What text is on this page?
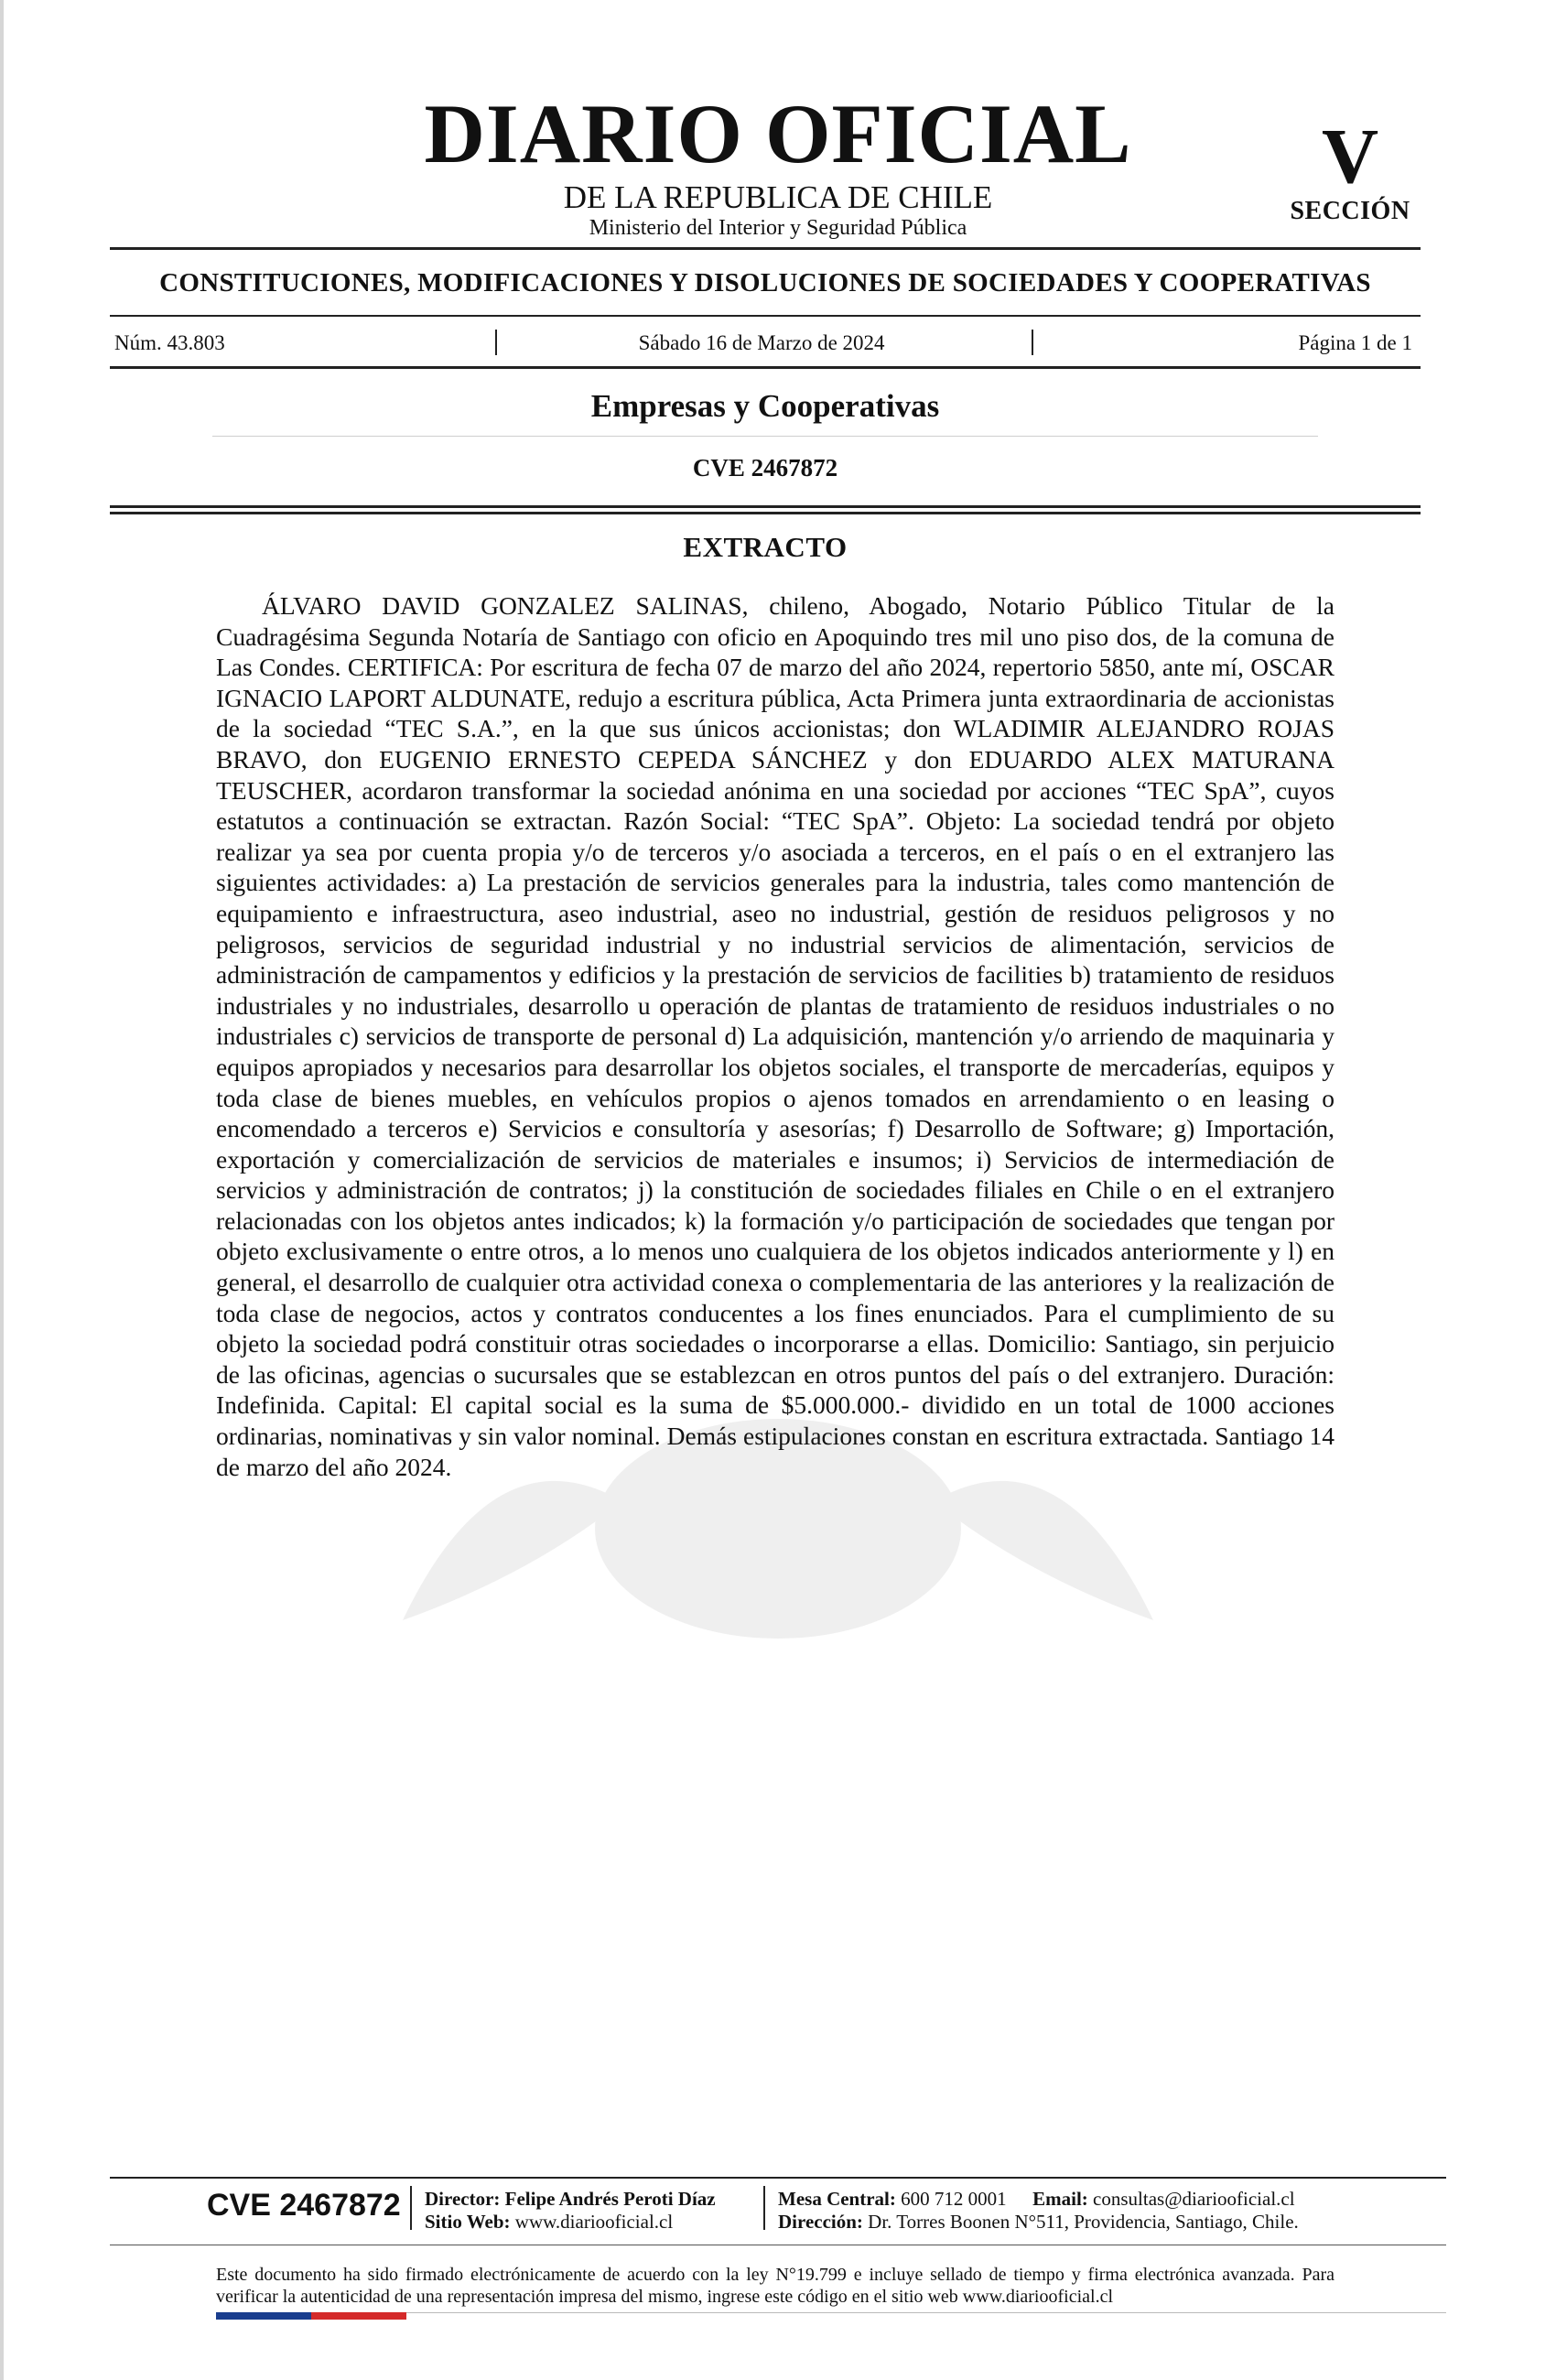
DIARIO OFICIAL
DE LA REPUBLICA DE CHILE
Ministerio del Interior y Seguridad Pública
V
SECCIÓN
CONSTITUCIONES, MODIFICACIONES Y DISOLUCIONES DE SOCIEDADES Y COOPERATIVAS
Núm. 43.803	Sábado 16 de Marzo de 2024	Página 1 de 1
Empresas y Cooperativas
CVE 2467872
EXTRACTO
ÁLVARO DAVID GONZALEZ SALINAS, chileno, Abogado, Notario Público Titular de la Cuadragésima Segunda Notaría de Santiago con oficio en Apoquindo tres mil uno piso dos, de la comuna de Las Condes. CERTIFICA: Por escritura de fecha 07 de marzo del año 2024, repertorio 5850, ante mí, OSCAR IGNACIO LAPORT ALDUNATE, redujo a escritura pública, Acta Primera junta extraordinaria de accionistas de la sociedad “TEC S.A.”, en la que sus únicos accionistas; don WLADIMIR ALEJANDRO ROJAS BRAVO, don EUGENIO ERNESTO CEPEDA SÁNCHEZ y don EDUARDO ALEX MATURANA TEUSCHER, acordaron transformar la sociedad anónima en una sociedad por acciones “TEC SpA”, cuyos estatutos a continuación se extractan. Razón Social: “TEC SpA”. Objeto: La sociedad tendrá por objeto realizar ya sea por cuenta propia y/o de terceros y/o asociada a terceros, en el país o en el extranjero las siguientes actividades: a) La prestación de servicios generales para la industria, tales como mantención de equipamiento e infraestructura, aseo industrial, aseo no industrial, gestión de residuos peligrosos y no peligrosos, servicios de seguridad industrial y no industrial servicios de alimentación, servicios de administración de campamentos y edificios y la prestación de servicios de facilities b) tratamiento de residuos industriales y no industriales, desarrollo u operación de plantas de tratamiento de residuos industriales o no industriales c) servicios de transporte de personal d) La adquisición, mantención y/o arriendo de maquinaria y equipos apropiados y necesarios para desarrollar los objetos sociales, el transporte de mercaderías, equipos y toda clase de bienes muebles, en vehículos propios o ajenos tomados en arrendamiento o en leasing o encomendado a terceros e) Servicios e consultoría y asesorías; f) Desarrollo de Software; g) Importación, exportación y comercialización de servicios de materiales e insumos; i) Servicios de intermediación de servicios y administración de contratos; j) la constitución de sociedades filiales en Chile o en el extranjero relacionadas con los objetos antes indicados; k) la formación y/o participación de sociedades que tengan por objeto exclusivamente o entre otros, a lo menos uno cualquiera de los objetos indicados anteriormente y l) en general, el desarrollo de cualquier otra actividad conexa o complementaria de las anteriores y la realización de toda clase de negocios, actos y contratos conducentes a los fines enunciados. Para el cumplimiento de su objeto la sociedad podrá constituir otras sociedades o incorporarse a ellas. Domicilio: Santiago, sin perjuicio de las oficinas, agencias o sucursales que se establezcan en otros puntos del país o del extranjero. Duración: Indefinida. Capital: El capital social es la suma de $5.000.000.- dividido en un total de 1000 acciones ordinarias, nominativas y sin valor nominal. Demás estipulaciones constan en escritura extractada. Santiago 14 de marzo del año 2024.
CVE 2467872 Director: Felipe Andrés Peroti Díaz
Sitio Web: www.diariooficial.cl
Mesa Central: 600 712 0001 Email: consultas@diariooficial.cl
Dirección: Dr. Torres Boonen N°511, Providencia, Santiago, Chile.
Este documento ha sido firmado electrónicamente de acuerdo con la ley N°19.799 e incluye sellado de tiempo y firma electrónica avanzada. Para verificar la autenticidad de una representación impresa del mismo, ingrese este código en el sitio web www.diariooficial.cl
